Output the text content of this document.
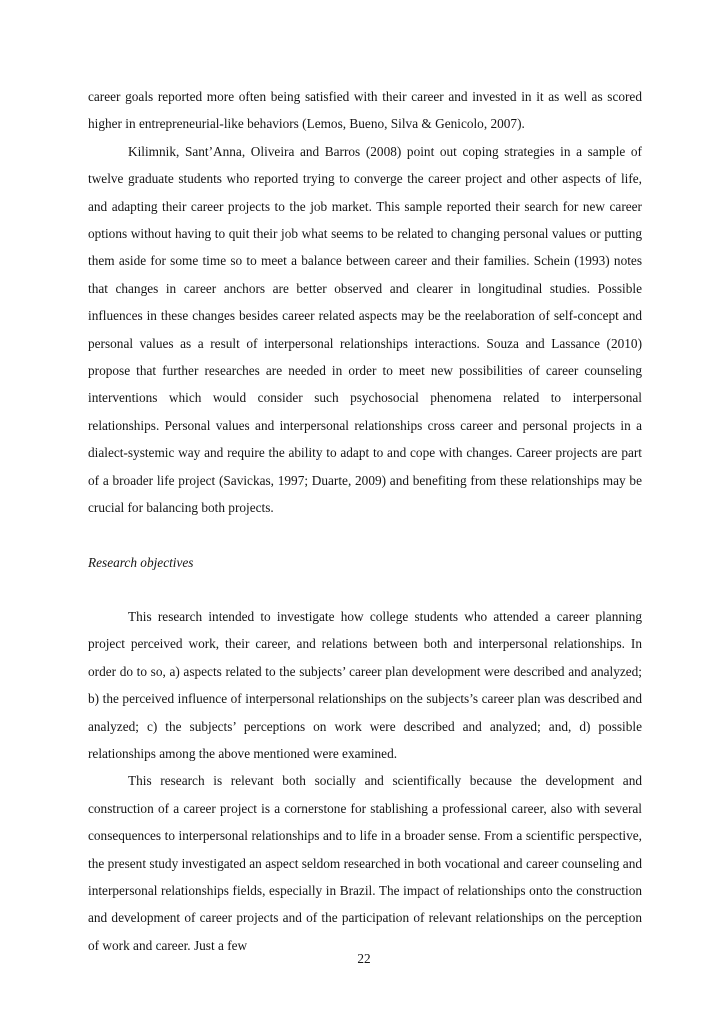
career goals reported more often being satisfied with their career and invested in it as well as scored higher in entrepreneurial-like behaviors (Lemos, Bueno, Silva & Genicolo, 2007).

Kilimnik, Sant’Anna, Oliveira and Barros (2008) point out coping strategies in a sample of twelve graduate students who reported trying to converge the career project and other aspects of life, and adapting their career projects to the job market. This sample reported their search for new career options without having to quit their job what seems to be related to changing personal values or putting them aside for some time so to meet a balance between career and their families. Schein (1993) notes that changes in career anchors are better observed and clearer in longitudinal studies. Possible influences in these changes besides career related aspects may be the reelaboration of self-concept and personal values as a result of interpersonal relationships interactions. Souza and Lassance (2010) propose that further researches are needed in order to meet new possibilities of career counseling interventions which would consider such psychosocial phenomena related to interpersonal relationships. Personal values and interpersonal relationships cross career and personal projects in a dialect-systemic way and require the ability to adapt to and cope with changes. Career projects are part of a broader life project (Savickas, 1997; Duarte, 2009) and benefiting from these relationships may be crucial for balancing both projects.

Research objectives

This research intended to investigate how college students who attended a career planning project perceived work, their career, and relations between both and interpersonal relationships. In order do to so, a) aspects related to the subjects’ career plan development were described and analyzed; b) the perceived influence of interpersonal relationships on the subjects’s career plan was described and analyzed; c) the subjects’ perceptions on work were described and analyzed; and, d) possible relationships among the above mentioned were examined.

This research is relevant both socially and scientifically because the development and construction of a career project is a cornerstone for stablishing a professional career, also with several consequences to interpersonal relationships and to life in a broader sense. From a scientific perspective, the present study investigated an aspect seldom researched in both vocational and career counseling and interpersonal relationships fields, especially in Brazil. The impact of relationships onto the construction and development of career projects and of the participation of relevant relationships on the perception of work and career. Just a few

22
